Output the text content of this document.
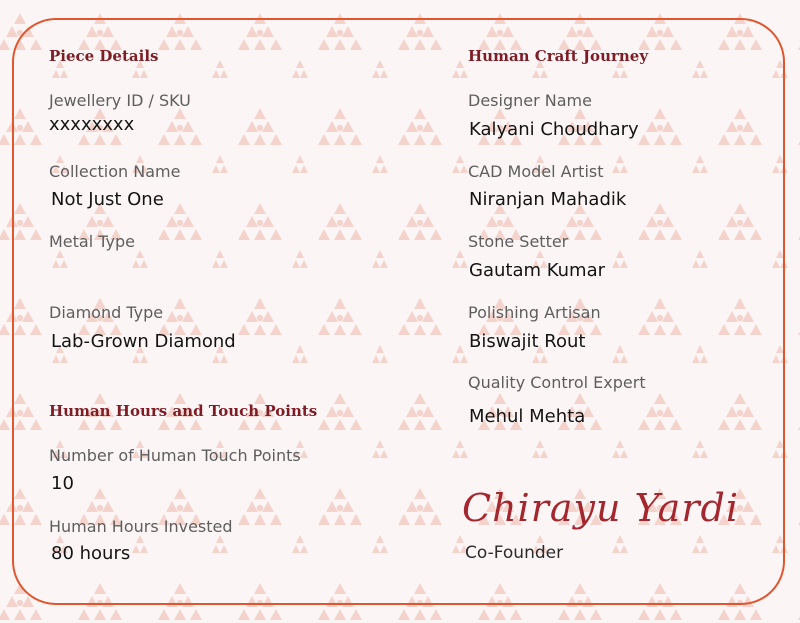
Piece Details
Jewellery ID / SKU
xxxxxxxx
Collection Name
Not Just One
Metal Type
Diamond Type
Lab-Grown Diamond
Human Hours and Touch Points
Number of Human Touch Points
10
Human Hours Invested
80 hours
Human Craft Journey
Designer Name
Kalyani Choudhary
CAD Model Artist
Niranjan Mahadik
Stone Setter
Gautam Kumar
Polishing Artisan
Biswajit Rout
Quality Control Expert
Mehul Mehta
Chirayu Yardi
Co-Founder
